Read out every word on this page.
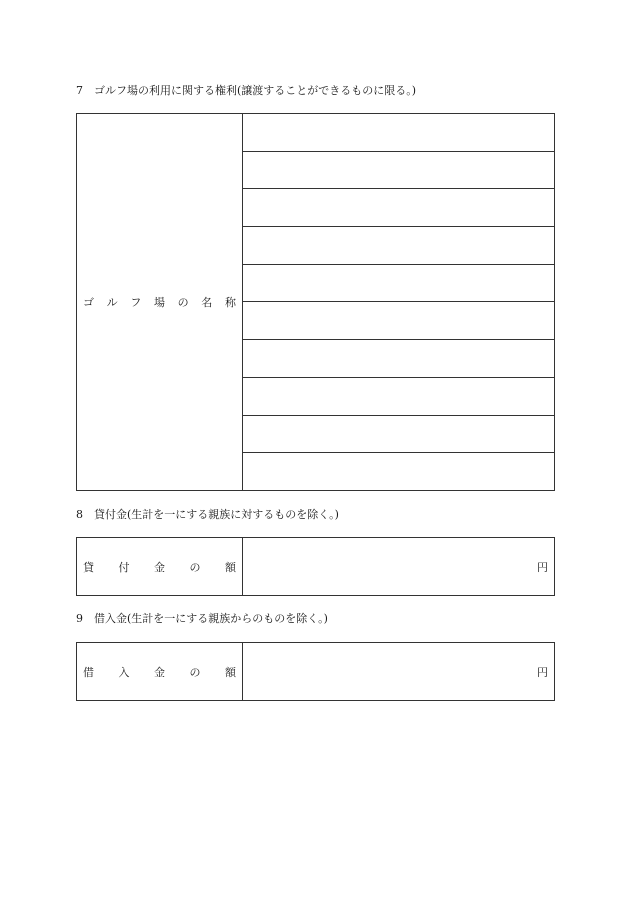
7 ゴルフ場の利用に関する権利(譲渡することができるものに限る。)
ゴ ル フ 場 の 名 称

8 貸付金(生計を一にする親族に対するものを除く。)
貸 付 金 の 額	円
9 借入金(生計を一にする親族からのものを除く。)
借 入 金 の 額	円
